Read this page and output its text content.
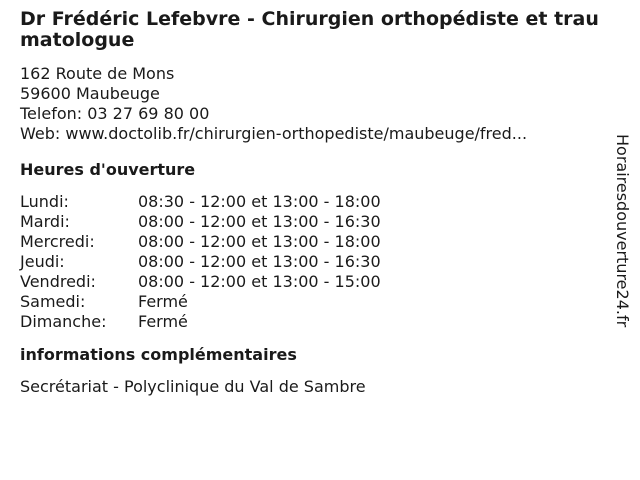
Dr Frédéric Lefebvre - Chirurgien orthopédiste et traumatologue
162 Route de Mons
59600 Maubeuge
Telefon: 03 27 69 80 00
Web: www.doctolib.fr/chirurgien-orthopediste/maubeuge/fred...
Heures d'ouverture
Lundi:	08:30 - 12:00 et 13:00 - 18:00
Mardi:	08:00 - 12:00 et 13:00 - 16:30
Mercredi:	08:00 - 12:00 et 13:00 - 18:00
Jeudi:	08:00 - 12:00 et 13:00 - 16:30
Vendredi:	08:00 - 12:00 et 13:00 - 15:00
Samedi:	Fermé
Dimanche:	Fermé
informations complémentaires
Secrétariat - Polyclinique du Val de Sambre
Horairesdouverture24.fr
